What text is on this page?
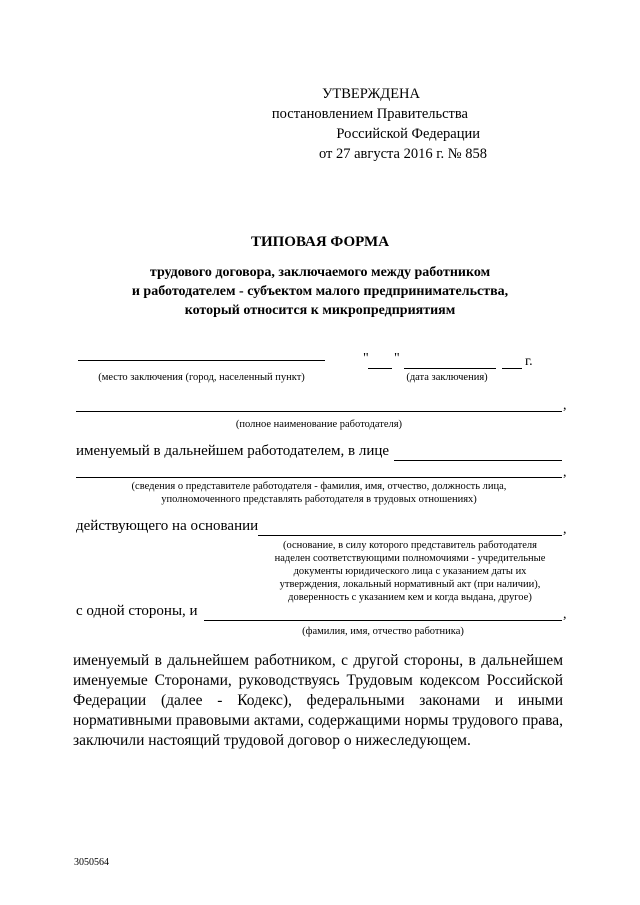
УТВЕРЖДЕНА
постановлением Правительства
Российской Федерации
от 27 августа 2016 г. № 858
ТИПОВАЯ ФОРМА
трудового договора, заключаемого между работником
и работодателем - субъектом малого предпринимательства,
который относится к микропредприятиям
(место заключения (город, населенный пункт)
" "	г.
(дата заключения)
,
(полное наименование работодателя)
именуемый в дальнейшем работодателем, в лице
,
(сведения о представителе работодателя - фамилия, имя, отчество, должность лица,
уполномоченного представлять работодателя в трудовых отношениях)
действующего на основании	,
(основание, в силу которого представитель работодателя
наделен соответствующими полномочиями - учредительные
документы юридического лица с указанием даты их
утверждения, локальный нормативный акт (при наличии),
доверенность с указанием кем и когда выдана, другое)
с одной стороны, и	,
(фамилия, имя, отчество работника)
именуемый в дальнейшем работником, с другой стороны, в дальнейшем именуемые Сторонами, руководствуясь Трудовым кодексом Российской Федерации (далее - Кодекс), федеральными законами и иными нормативными правовыми актами, содержащими нормы трудового права, заключили настоящий трудовой договор о нижеследующем.
3050564
